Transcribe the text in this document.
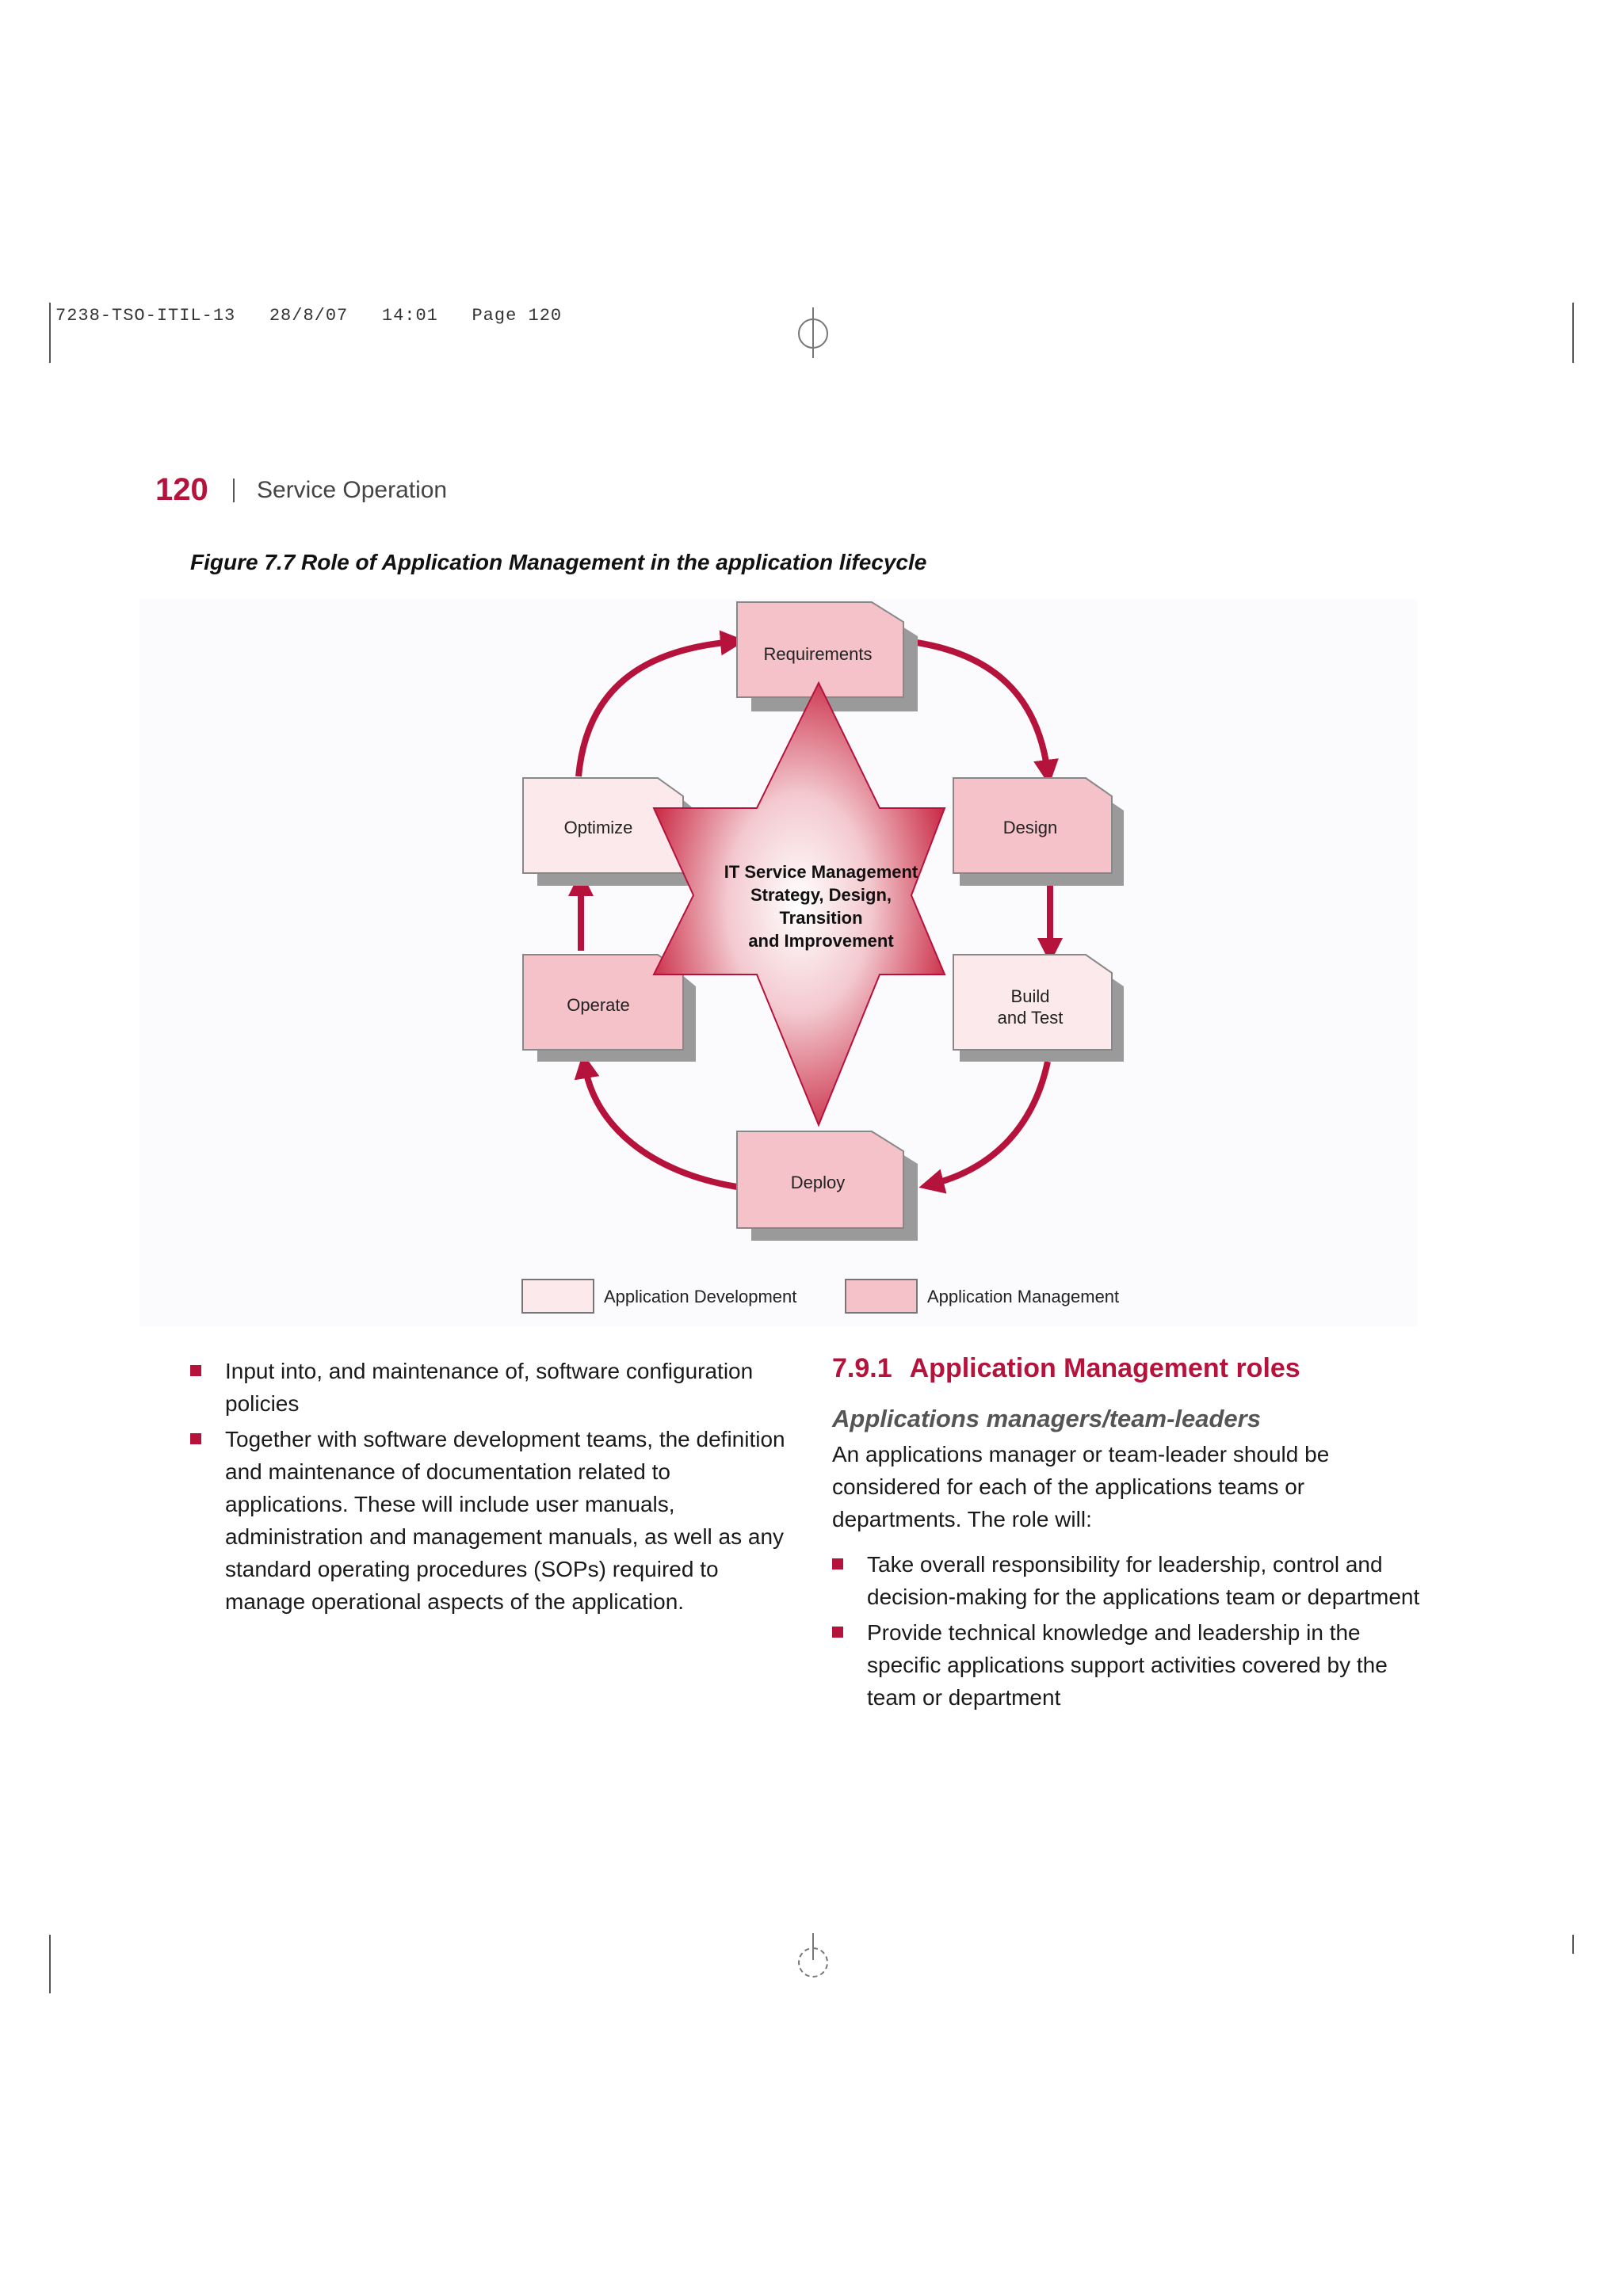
7238-TSO-ITIL-13   28/8/07   14:01   Page 120
120 Service Operation
Figure 7.7 Role of Application Management in the application lifecycle
Requirements
Optimize	Design
Operate	Build
and Test
Deploy
IT Service Management
Strategy, Design,
Transition
and Improvement
Application Development	Application Management
Input into, and maintenance of, software configuration policies
Together with software development teams, the definition and maintenance of documentation related to applications. These will include user manuals, administration and management manuals, as well as any standard operating procedures (SOPs) required to manage operational aspects of the application.
7.9.1 Application Management roles
Applications managers/team-leaders
An applications manager or team-leader should be considered for each of the applications teams or departments. The role will:
Take overall responsibility for leadership, control and decision-making for the applications team or department
Provide technical knowledge and leadership in the specific applications support activities covered by the team or department
